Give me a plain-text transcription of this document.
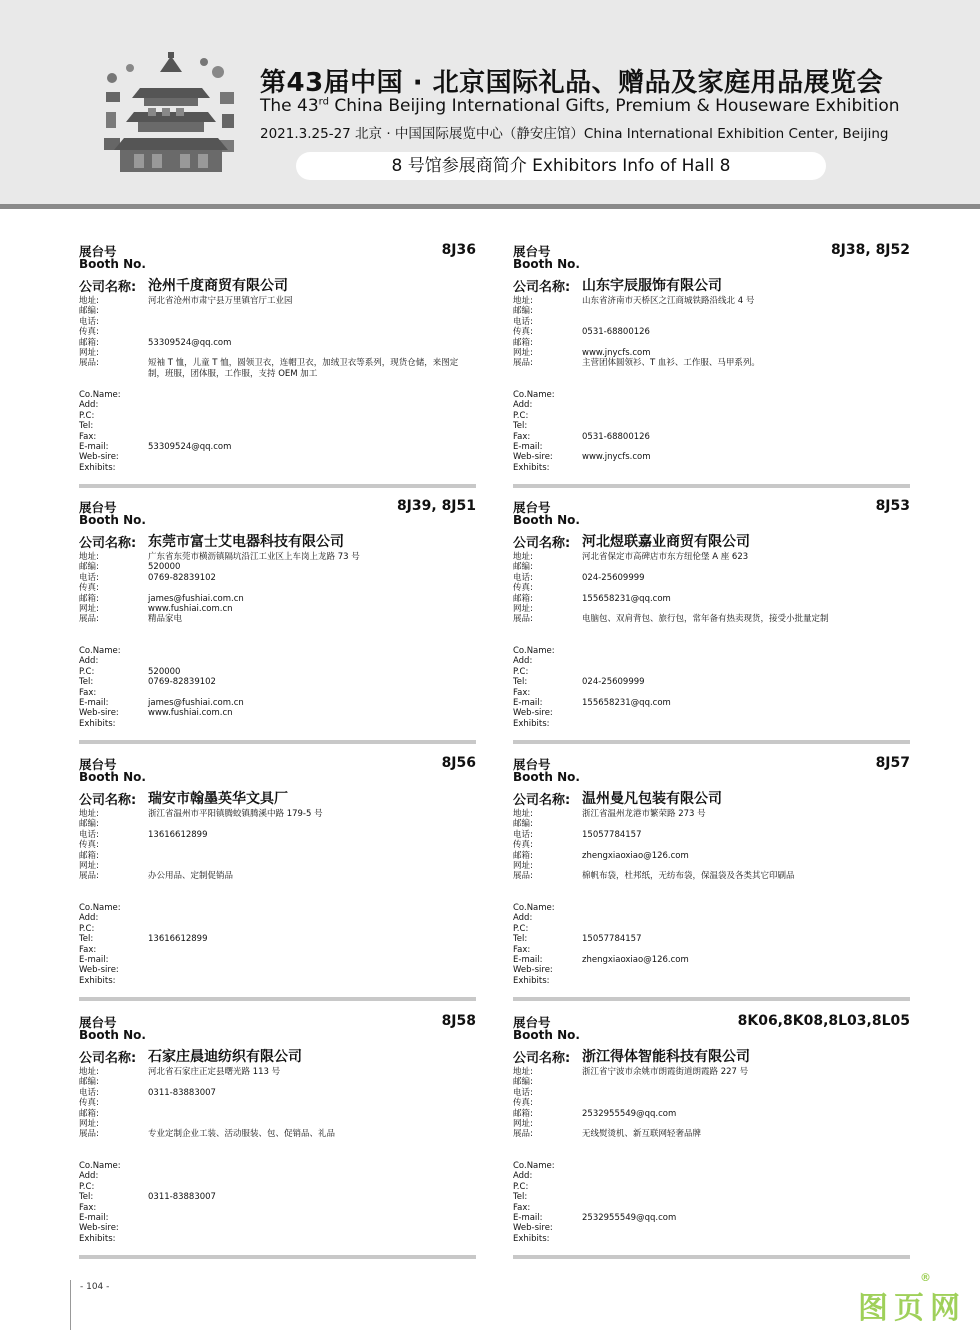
第43届中国 · 北京国际礼品、赠品及家庭用品展览会
The 43rd China Beijing International Gifts, Premium & Houseware Exhibition
2021.3.25-27 北京 · 中国国际展览中心（静安庄馆）China International Exhibition Center, Beijing
8 号馆参展商简介 Exhibitors Info of Hall 8
展台号
Booth No.
8J36
公司名称: 沧州千度商贸有限公司
地址:	河北省沧州市肃宁县万里镇官厅工业园
邮编:
电话:
传真:
邮箱:	53309524@qq.com
网址:
展品:	短袖 T 恤，儿童 T 恤，圆领卫衣，连帽卫衣，加绒卫衣等系列，现货仓储，来图定制，班服，团体服，工作服，支持 OEM 加工
Co.Name:
Add:
P.C:
Tel:
Fax:
E-mail:	53309524@qq.com
Web-sire:
Exhibits:
展台号
Booth No.
8J38, 8J52
公司名称: 山东宇辰服饰有限公司
地址:	山东省济南市天桥区之江商城铁路沿线北 4 号
邮编:
电话:
传真:	0531-68800126
邮箱:
网址:	www.jnycfs.com
展品:	主营团体圆领衫、T 血衫、工作服、马甲系列。
Co.Name:
Add:
P.C:
Tel:
Fax:	0531-68800126
E-mail:
Web-sire:	www.jnycfs.com
Exhibits:
展台号
Booth No.
8J39, 8J51
公司名称: 东莞市富士艾电器科技有限公司
地址:	广东省东莞市横沥镇隔坑沿江工业区上车岗上龙路 73 号
邮编:	520000
电话:	0769-82839102
传真:
邮箱:	james@fushiai.com.cn
网址:	www.fushiai.com.cn
展品:	精品家电
Co.Name:
Add:
P.C:	520000
Tel:	0769-82839102
Fax:
E-mail:	james@fushiai.com.cn
Web-sire:	www.fushiai.com.cn
Exhibits:
展台号
Booth No.
8J53
公司名称: 河北煜联嘉业商贸有限公司
地址:	河北省保定市高碑店市东方纽伦堡 A 座 623
邮编:
电话:	024-25609999
传真:
邮箱:	155658231@qq.com
网址:
展品:	电脑包、双肩背包、旅行包，常年备有热卖现货，接受小批量定制
Co.Name:
Add:
P.C:
Tel:	024-25609999
Fax:
E-mail:	155658231@qq.com
Web-sire:
Exhibits:
展台号
Booth No.
8J56
公司名称: 瑞安市翰墨英华文具厂
地址:	浙江省温州市平阳镇腾蛟镇腾溪中路 179-5 号
邮编:
电话:	13616612899
传真:
邮箱:
网址:
展品:	办公用品、定制促销品
Co.Name:
Add:
P.C:
Tel:	13616612899
Fax:
E-mail:
Web-sire:
Exhibits:
展台号
Booth No.
8J57
公司名称: 温州曼凡包装有限公司
地址:	浙江省温州龙港市繁荣路 273 号
邮编:
电话:	15057784157
传真:
邮箱:	zhengxiaoxiao@126.com
网址:
展品:	棉帆布袋，杜邦纸，无纺布袋，保温袋及各类其它印刷品
Co.Name:
Add:
P.C:
Tel:	15057784157
Fax:
E-mail:	zhengxiaoxiao@126.com
Web-sire:
Exhibits:
展台号
Booth No.
8J58
公司名称: 石家庄晨迪纺织有限公司
地址:	河北省石家庄正定县曙光路 113 号
邮编:
电话:	0311-83883007
传真:
邮箱:
网址:
展品:	专业定制企业工装、活动服装、包、促销品、礼品
Co.Name:
Add:
P.C:
Tel:	0311-83883007
Fax:
E-mail:
Web-sire:
Exhibits:
展台号
Booth No.
8K06,8K08,8L03,8L05
公司名称: 浙江得体智能科技有限公司
地址:	浙江省宁波市余姚市朗霞街道朗霞路 227 号
邮编:
电话:
传真:
邮箱:	2532955549@qq.com
网址:
展品:	无线熨烫机、新互联网轻奢品牌
Co.Name:
Add:
P.C:
Tel:
Fax:
E-mail:	2532955549@qq.com
Web-sire:
Exhibits:
- 104 -
图页网
®
